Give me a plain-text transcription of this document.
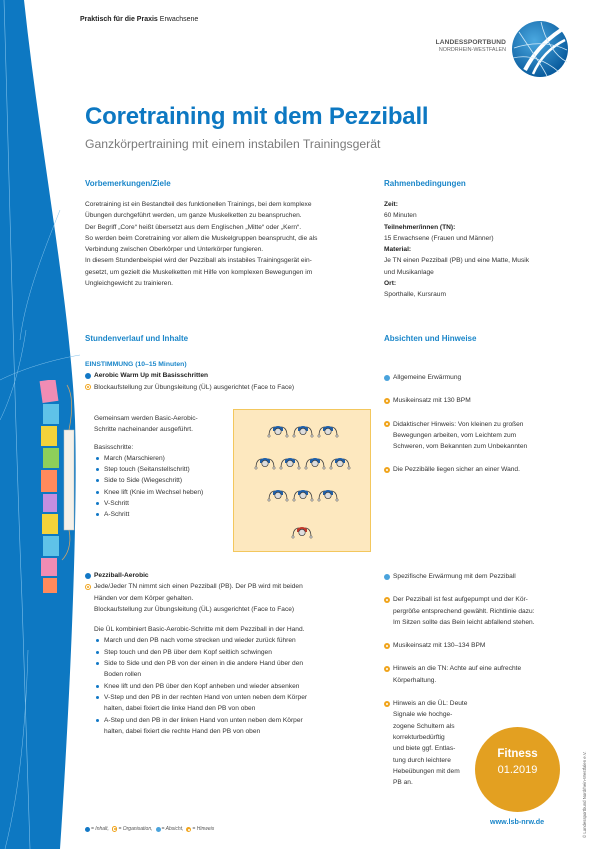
Praktisch für die Praxis Erwachsene
LANDESSPORTBUND
NORDRHEIN-WESTFALEN
Coretraining mit dem Pezziball
Ganzkörpertraining mit einem instabilen Trainingsgerät
Vorbemerkungen/Ziele
Coretraining ist ein Bestandteil des funktionellen Trainings, bei dem komplexe
Übungen durchgeführt werden, um ganze Muskelketten zu beanspruchen.
Der Begriff „Core“ heißt übersetzt aus dem Englischen „Mitte“ oder „Kern“.
So werden beim Coretraining vor allem die Muskelgruppen beansprucht, die als
Verbindung zwischen Oberkörper und Unterkörper fungieren.
In diesem Stundenbeispiel wird der Pezziball als instabiles Trainingsgerät ein-
gesetzt, um gezielt die Muskelketten mit Hilfe von komplexen Bewegungen im
Ungleichgewicht zu trainieren.
Rahmenbedingungen
Zeit:
60 Minuten
Teilnehmer/innen (TN):
15 Erwachsene (Frauen und Männer)
Material:
Je TN einen Pezziball (PB) und eine Matte, Musik
und Musikanlage
Ort:
Sporthalle, Kursraum
Stundenverlauf und Inhalte	Absichten und Hinweise
EINSTIMMUNG (10–15 Minuten)
Aerobic Warm Up mit Basisschritten
Blockaufstellung zur Übungsleitung (ÜL) ausgerichtet (Face to Face)
Gemeinsam werden Basic-Aerobic-
Schritte nacheinander ausgeführt.
Basisschritte:
March (Marschieren)
Step touch (Seitanstellschritt)
Side to Side (Wiegeschritt)
Knee lift (Knie im Wechsel heben)
V-Schritt
A-Schritt
Pezziball-Aerobic
Jede/Jeder TN nimmt sich einen Pezziball (PB). Der PB wird mit beiden
Händen vor dem Körper gehalten.
Blockaufstellung zur Übungsleitung (ÜL) ausgerichtet (Face to Face)
Die ÜL kombiniert Basic-Aerobic-Schritte mit dem Pezziball in der Hand.
March und den PB nach vorne strecken und wieder zurück führen
Step touch und den PB über dem Kopf seitlich schwingen
Side to Side und den PB von der einen in die andere Hand über den
Boden rollen
Knee lift und den PB über den Kopf anheben und wieder absenken
V-Step und den PB in der rechten Hand von unten neben dem Körper
halten, dabei fixiert die linke Hand den PB von oben
A-Step und den PB in der linken Hand von unten neben dem Körper
halten, dabei fixiert die rechte Hand den PB von oben
Allgemeine Erwärmung
Musikeinsatz mit 130 BPM
Didaktischer Hinweis: Von kleinen zu großen
Bewegungen arbeiten, vom Leichtem zum
Schweren, vom Bekannten zum Unbekannten
Die Pezzibälle liegen sicher an einer Wand.
Spezifische Erwärmung mit dem Pezziball
Der Pezziball ist fest aufgepumpt und der Kör-
pergröße entsprechend gewählt. Richtlinie dazu:
Im Sitzen sollte das Bein leicht abfallend stehen.
Musikeinsatz mit 130–134 BPM
Hinweis an die TN: Achte auf eine aufrechte
Körperhaltung.
Hinweis an die ÜL: Deute
Signale wie hochge-
zogene Schultern als
korrekturbedürftig
und biete ggf. Entlas-
tung durch leichtere
Hebeübungen mit dem
PB an.
Fitness
01.2019
www.lsb-nrw.de	© Landessportbund Nordrhein-Westfalen e.V.
= Inhalt, = Organisation, = Absicht, = Hinweis
